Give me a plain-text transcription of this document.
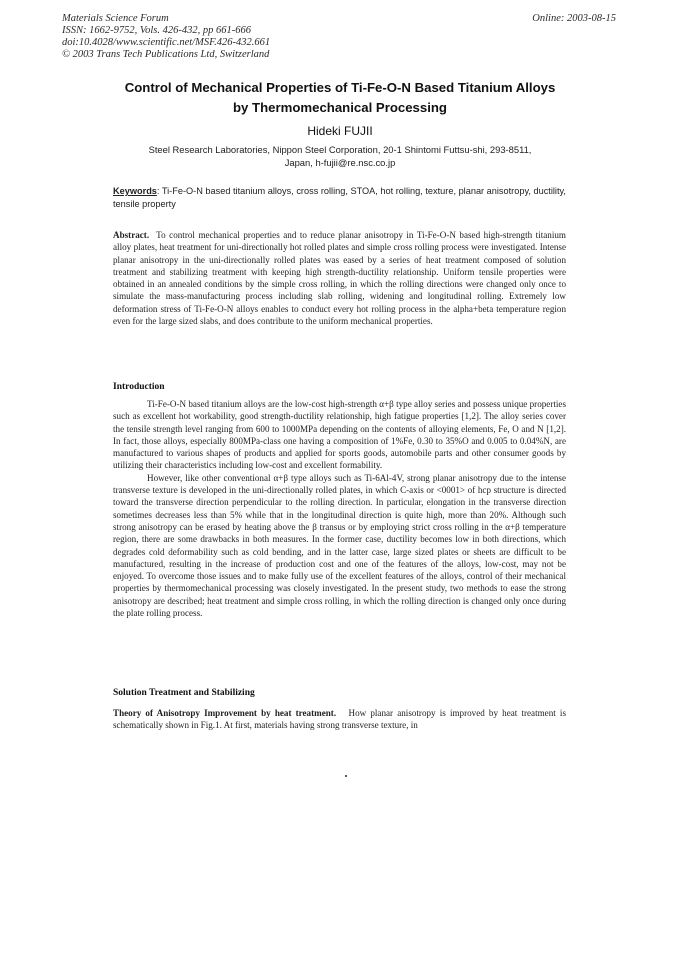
Materials Science Forum
ISSN: 1662-9752, Vols. 426-432, pp 661-666
doi:10.4028/www.scientific.net/MSF.426-432.661
© 2003 Trans Tech Publications Ltd, Switzerland
Online: 2003-08-15
Control of Mechanical Properties of Ti-Fe-O-N Based Titanium Alloys
by Thermomechanical Processing
Hideki FUJII
Steel Research Laboratories, Nippon Steel Corporation, 20-1 Shintomi Futtsu-shi, 293-8511,
Japan, h-fujii@re.nsc.co.jp
Keywords: Ti-Fe-O-N based titanium alloys, cross rolling, STOA, hot rolling, texture, planar anisotropy, ductility, tensile property
Abstract. To control mechanical properties and to reduce planar anisotropy in Ti-Fe-O-N based high-strength titanium alloy plates, heat treatment for uni-directionally hot rolled plates and simple cross rolling process were investigated. Intense planar anisotropy in the uni-directionally rolled plates was eased by a series of heat treatment composed of solution treatment and stabilizing treatment with keeping high strength-ductility relationship. Uniform tensile properties were obtained in an annealed conditions by the simple cross rolling, in which the rolling directions were changed only once to simulate the mass-manufacturing process including slab rolling, widening and longitudinal rolling. Extremely low deformation stress of Ti-Fe-O-N alloys enables to conduct every hot rolling process in the alpha+beta temperature region even for the large sized slabs, and does contribute to the uniform mechanical properties.
Introduction

Ti-Fe-O-N based titanium alloys are the low-cost high-strength α+β type alloy series and possess unique properties such as excellent hot workability, good strength-ductility relationship, high fatigue properties [1,2]. The alloy series cover the tensile strength level ranging from 600 to 1000MPa depending on the contents of alloying elements, Fe, O and N [1,2]. In fact, those alloys, especially 800MPa-class one having a composition of 1%Fe, 0.30 to 35%O and 0.005 to 0.04%N, are manufactured to various shapes of products and applied for sports goods, automobile parts and other consumer goods by utilizing their characteristics including low-cost and excellent formability.

However, like other conventional α+β type alloys such as Ti-6Al-4V, strong planar anisotropy due to the intense transverse texture is developed in the uni-directionally rolled plates, in which C-axis or <0001> of hcp structure is directed toward the transverse direction perpendicular to the rolling direction. In particular, elongation in the transverse direction sometimes decreases less than 5% while that in the longitudinal direction is quite high, more than 20%. Although such strong anisotropy can be erased by heating above the β transus or by employing strict cross rolling in the α+β temperature region, there are some drawbacks in both measures. In the former case, ductility becomes low in both directions, which degrades cold deformability such as cold bending, and in the latter case, large sized plates or sheets are difficult to be manufactured, resulting in the increase of production cost and one of the features of the alloys, low-cost, may not be enjoyed. To overcome those issues and to make fully use of the excellent features of the alloys, control of their mechanical properties by thermomechanical processing was closely investigated. In the present study, two methods to ease the strong anisotropy are described; heat treatment and simple cross rolling, in which the rolling direction is changed only once during the plate rolling process.

Solution Treatment and Stabilizing
Theory of Anisotropy Improvement by heat treatment. How planar anisotropy is improved by heat treatment is schematically shown in Fig.1. At first, materials having strong transverse texture, in
